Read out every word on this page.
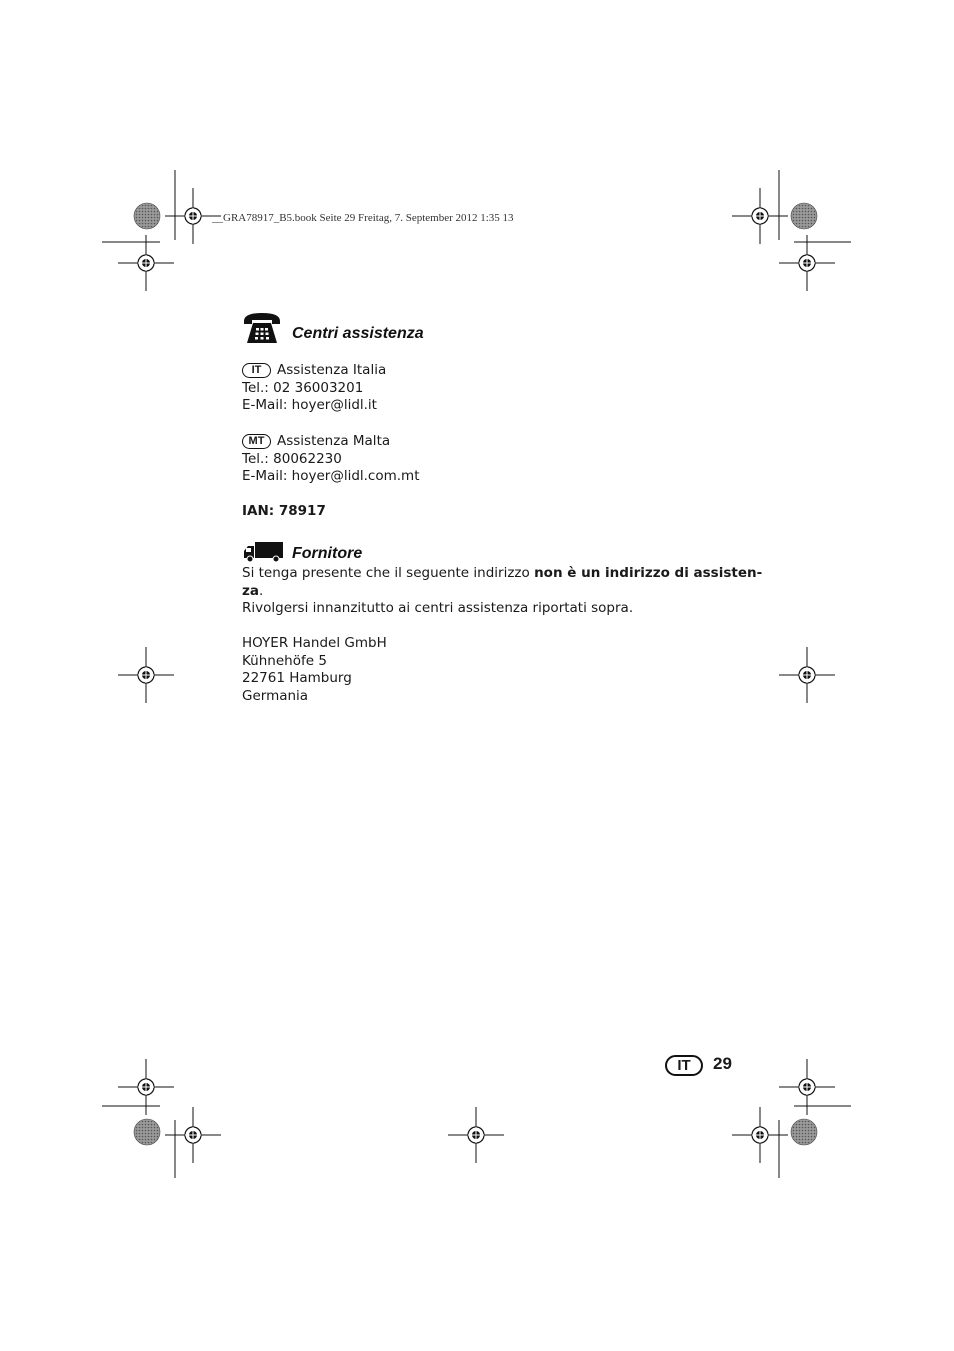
__GRA78917_B5.book Seite 29 Freitag, 7. September 2012 1:35 13
Centri assistenza
IT Assistenza Italia
Tel.: 02 36003201
E-Mail: hoyer@lidl.it
MT Assistenza Malta
Tel.: 80062230
E-Mail: hoyer@lidl.com.mt
IAN: 78917
Fornitore
Si tenga presente che il seguente indirizzo non è un indirizzo di assisten-
za.
Rivolgersi innanzitutto ai centri assistenza riportati sopra.
HOYER Handel GmbH
Kühnehöfe 5
22761 Hamburg
Germania
IT	29
